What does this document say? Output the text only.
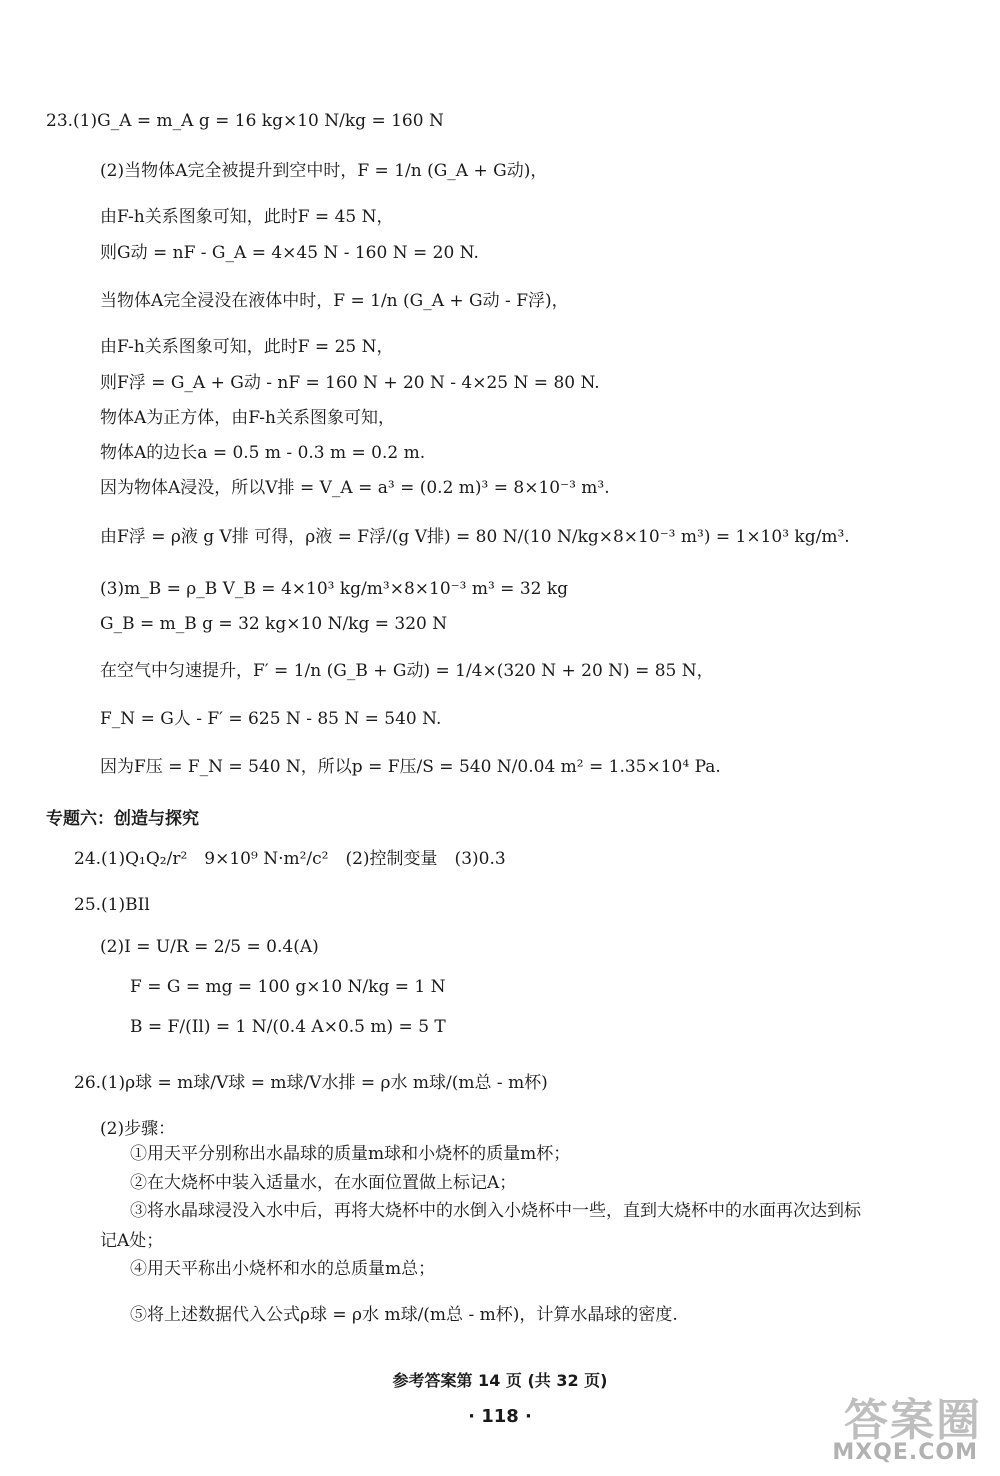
23.(1)G_A = m_A g = 16 kg×10 N/kg = 160 N
(2)当物体A完全被提升到空中时，F = 1/n (G_A + G动)，
由F-h关系图象可知，此时F = 45 N，
则G动 = nF - G_A = 4×45 N - 160 N = 20 N.
当物体A完全浸没在液体中时，F = 1/n (G_A + G动 - F浮)，
由F-h关系图象可知，此时F = 25 N，
则F浮 = G_A + G动 - nF = 160 N + 20 N - 4×25 N = 80 N.
物体A为正方体，由F-h关系图象可知，
物体A的边长a = 0.5 m - 0.3 m = 0.2 m.
因为物体A浸没，所以V排 = V_A = a³ = (0.2 m)³ = 8×10⁻³ m³.
由F浮 = ρ液 g V排 可得，ρ液 = F浮/(g V排) = 80 N/(10 N/kg×8×10⁻³ m³) = 1×10³ kg/m³.
(3)m_B = ρ_B V_B = 4×10³ kg/m³×8×10⁻³ m³ = 32 kg
G_B = m_B g = 32 kg×10 N/kg = 320 N
在空气中匀速提升，F′ = 1/n (G_B + G动) = 1/4×(320 N + 20 N) = 85 N，
F_N = G人 - F′ = 625 N - 85 N = 540 N.
因为F压 = F_N = 540 N，所以p = F压/S = 540 N/0.04 m² = 1.35×10⁴ Pa.
专题六：创造与探究
24.(1)Q₁Q₂/r²　9×10⁹ N·m²/c²　(2)控制变量　(3)0.3
25.(1)BIl
(2)I = U/R = 2/5 = 0.4(A)
F = G = mg = 100 g×10 N/kg = 1 N
B = F/(Il) = 1 N/(0.4 A×0.5 m) = 5 T
26.(1)ρ球 = m球/V球 = m球/V水排 = ρ水 m球/(m总 - m杯)
(2)步骤：
①用天平分别称出水晶球的质量m球和小烧杯的质量m杯；
②在大烧杯中装入适量水，在水面位置做上标记A；
③将水晶球浸没入水中后，再将大烧杯中的水倒入小烧杯中一些，直到大烧杯中的水面再次达到标
记A处；
④用天平称出小烧杯和水的总质量m总；
⑤将上述数据代入公式ρ球 = ρ水 m球/(m总 - m杯)，计算水晶球的密度.
参考答案第 14 页 (共 32 页)
· 118 ·	答案圈
MXQE.COM
